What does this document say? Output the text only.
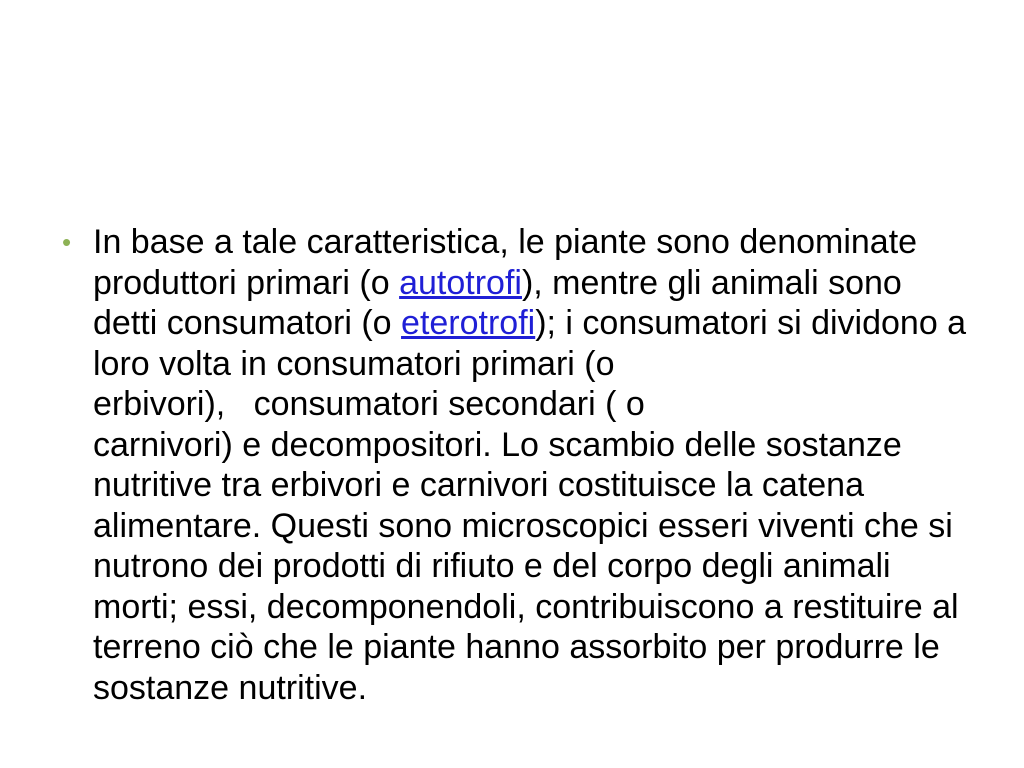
• In base a tale caratteristica, le piante sono denominate produttori primari (o autotrofi), mentre gli animali sono detti consumatori (o eterotrofi); i consumatori si dividono a loro volta in consumatori primari (o
erbivori),   consumatori secondari ( o
carnivori) e decompositori. Lo scambio delle sostanze nutritive tra erbivori e carnivori costituisce la catena alimentare. Questi sono microscopici esseri viventi che si nutrono dei prodotti di rifiuto e del corpo degli animali morti; essi, decomponendoli, contribuiscono a restituire al terreno ciò che le piante hanno assorbito per produrre le sostanze nutritive.
